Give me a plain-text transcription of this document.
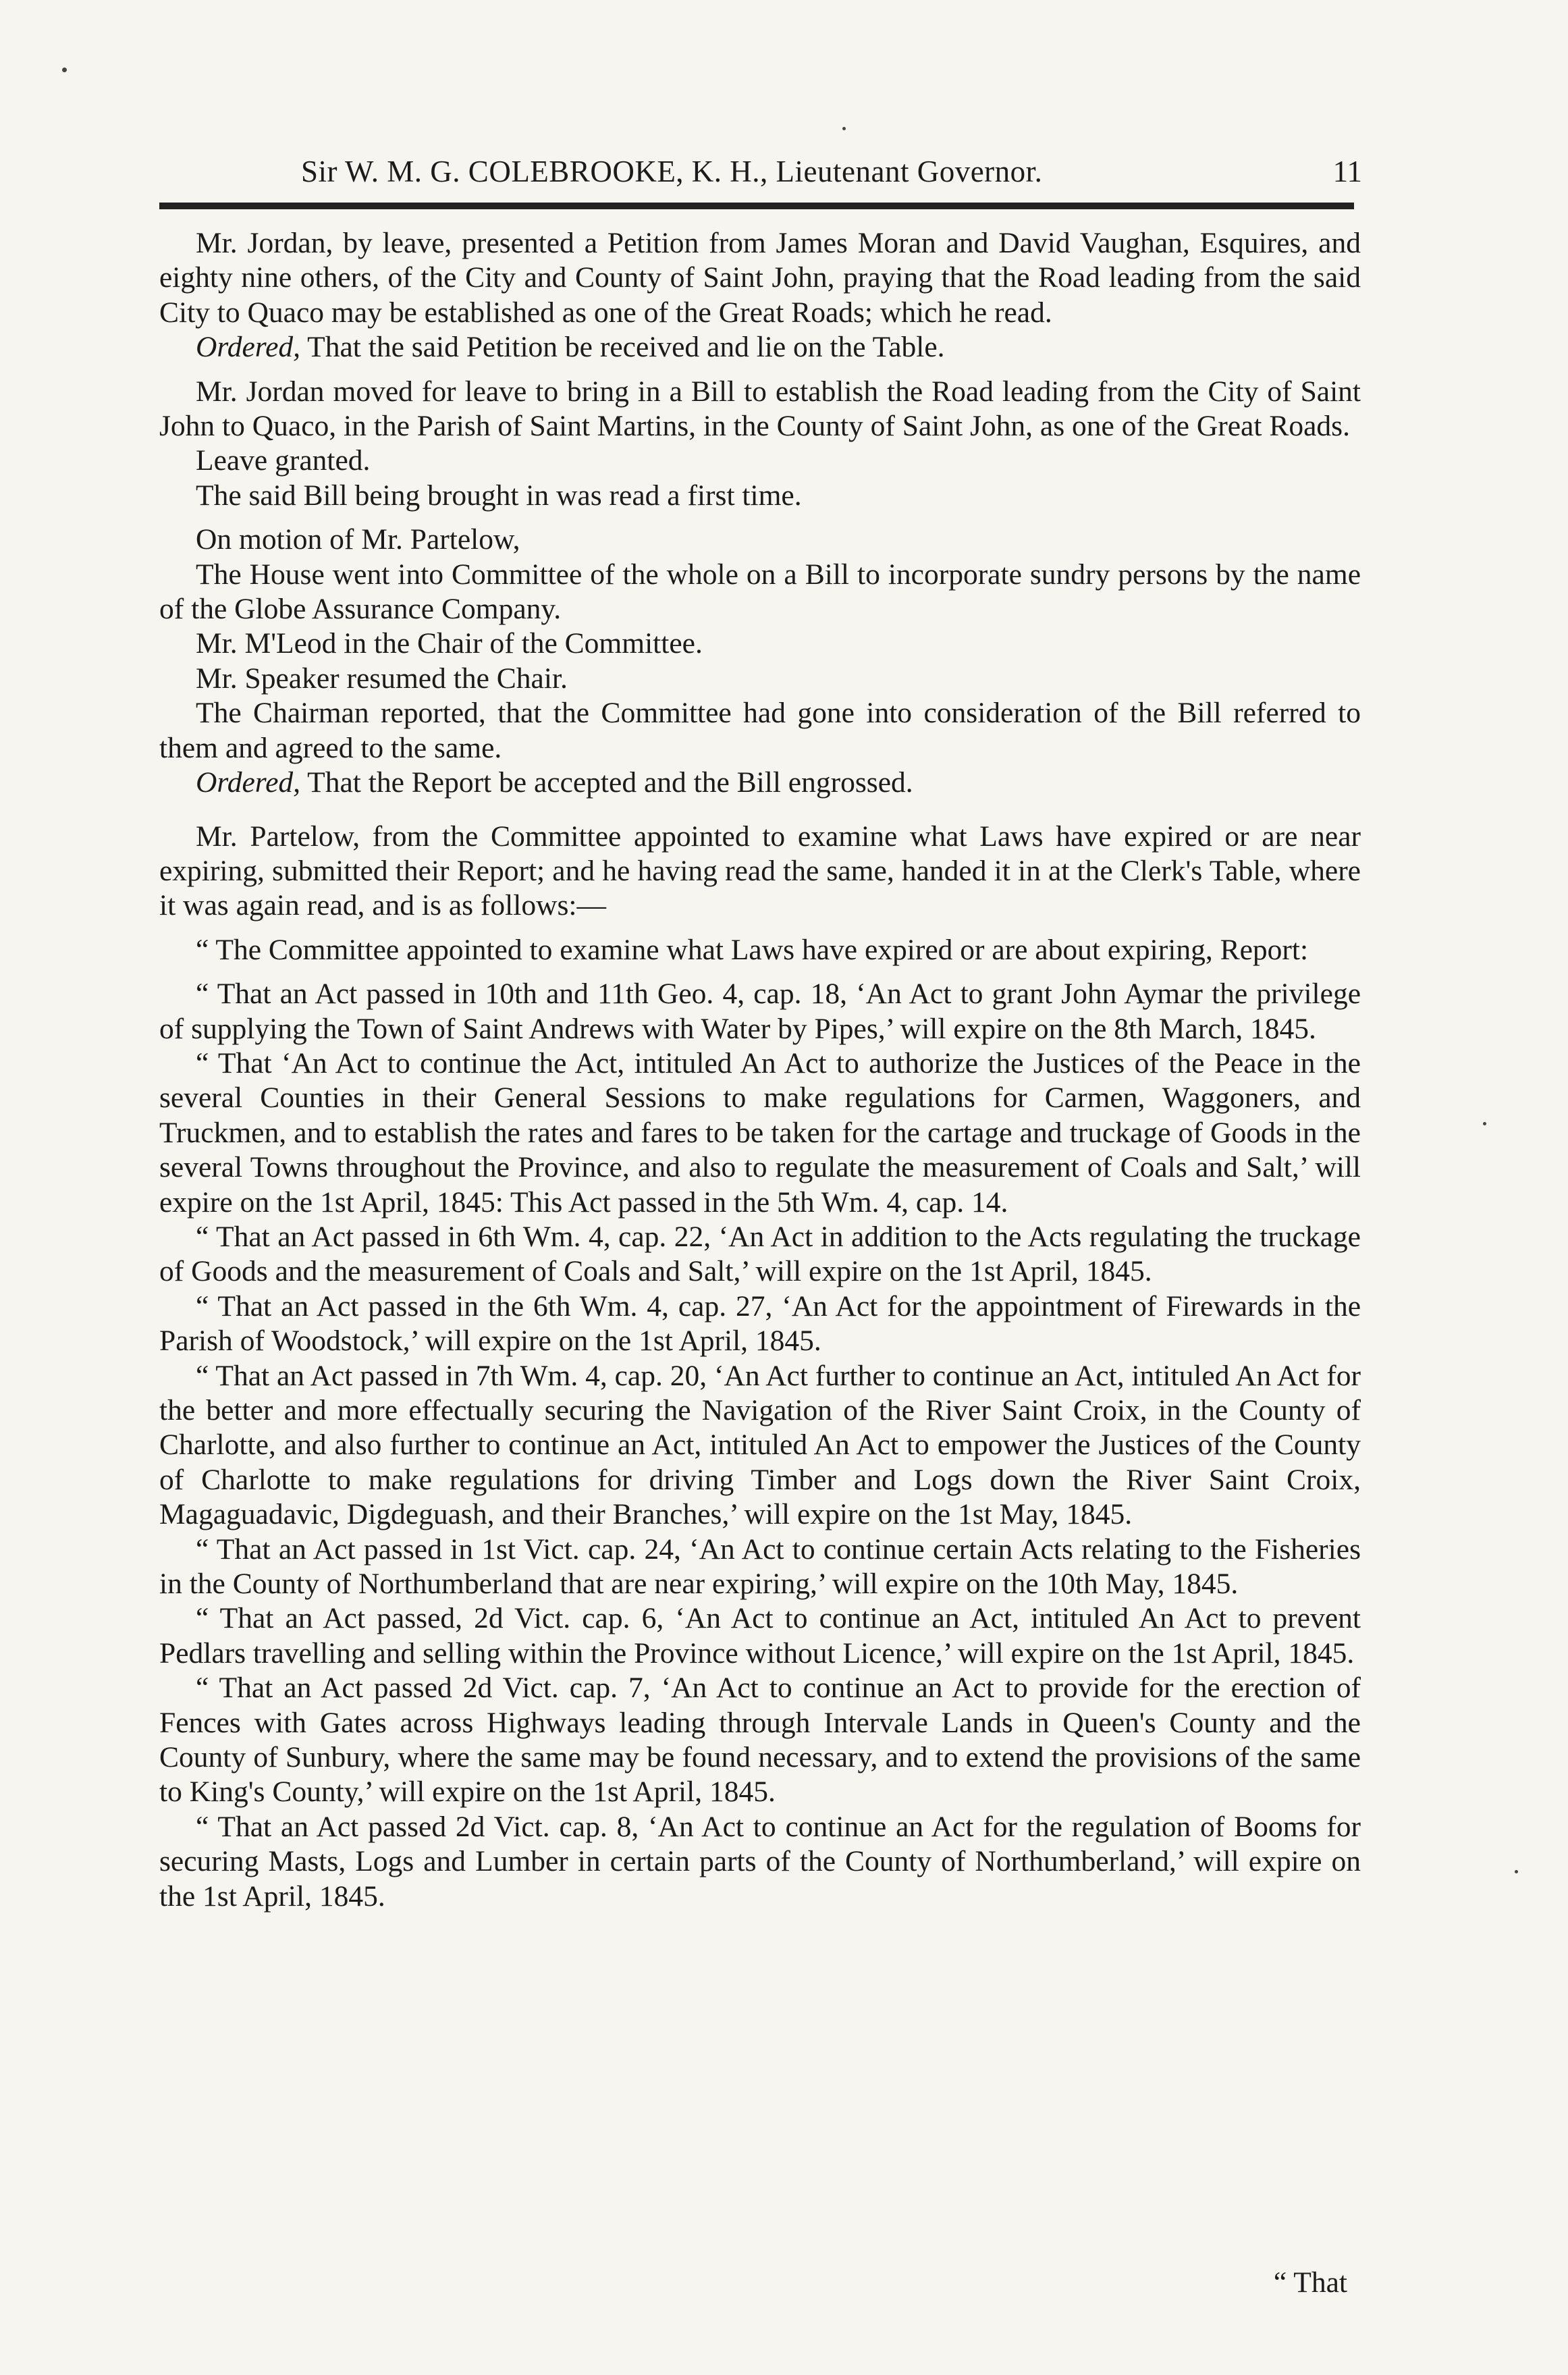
Sir W. M. G. COLEBROOKE, K. H., Lieutenant Governor.	11

Mr. Jordan, by leave, presented a Petition from James Moran and David Vaughan, Esquires, and eighty nine others, of the City and County of Saint John, praying that the Road leading from the said City to Quaco may be established as one of the Great Roads; which he read.

Ordered, That the said Petition be received and lie on the Table.

Mr. Jordan moved for leave to bring in a Bill to establish the Road leading from the City of Saint John to Quaco, in the Parish of Saint Martins, in the County of Saint John, as one of the Great Roads.

Leave granted.

The said Bill being brought in was read a first time.

On motion of Mr. Partelow,

The House went into Committee of the whole on a Bill to incorporate sundry persons by the name of the Globe Assurance Company.

Mr. M'Leod in the Chair of the Committee.

Mr. Speaker resumed the Chair.

The Chairman reported, that the Committee had gone into consideration of the Bill referred to them and agreed to the same.

Ordered, That the Report be accepted and the Bill engrossed.

Mr. Partelow, from the Committee appointed to examine what Laws have expired or are near expiring, submitted their Report; and he having read the same, handed it in at the Clerk's Table, where it was again read, and is as follows:—

“ The Committee appointed to examine what Laws have expired or are about expiring, Report:

“ That an Act passed in 10th and 11th Geo. 4, cap. 18, ‘An Act to grant John Aymar the privilege of supplying the Town of Saint Andrews with Water by Pipes,’ will expire on the 8th March, 1845.

“ That ‘An Act to continue the Act, intituled An Act to authorize the Justices of the Peace in the several Counties in their General Sessions to make regulations for Carmen, Waggoners, and Truckmen, and to establish the rates and fares to be taken for the cartage and truckage of Goods in the several Towns throughout the Province, and also to regulate the measurement of Coals and Salt,’ will expire on the 1st April, 1845: This Act passed in the 5th Wm. 4, cap. 14.

“ That an Act passed in 6th Wm. 4, cap. 22, ‘An Act in addition to the Acts regulating the truckage of Goods and the measurement of Coals and Salt,’ will expire on the 1st April, 1845.

“ That an Act passed in the 6th Wm. 4, cap. 27, ‘An Act for the appointment of Firewards in the Parish of Woodstock,’ will expire on the 1st April, 1845.

“ That an Act passed in 7th Wm. 4, cap. 20, ‘An Act further to continue an Act, intituled An Act for the better and more effectually securing the Navigation of the River Saint Croix, in the County of Charlotte, and also further to continue an Act, intituled An Act to empower the Justices of the County of Charlotte to make regulations for driving Timber and Logs down the River Saint Croix, Magaguadavic, Digdeguash, and their Branches,’ will expire on the 1st May, 1845.

“ That an Act passed in 1st Vict. cap. 24, ‘An Act to continue certain Acts relating to the Fisheries in the County of Northumberland that are near expiring,’ will expire on the 10th May, 1845.

“ That an Act passed, 2d Vict. cap. 6, ‘An Act to continue an Act, intituled An Act to prevent Pedlars travelling and selling within the Province without Licence,’ will expire on the 1st April, 1845.

“ That an Act passed 2d Vict. cap. 7, ‘An Act to continue an Act to provide for the erection of Fences with Gates across Highways leading through Intervale Lands in Queen's County and the County of Sunbury, where the same may be found necessary, and to extend the provisions of the same to King's County,’ will expire on the 1st April, 1845.

“ That an Act passed 2d Vict. cap. 8, ‘An Act to continue an Act for the regulation of Booms for securing Masts, Logs and Lumber in certain parts of the County of Northumberland,’ will expire on the 1st April, 1845.

“ That
